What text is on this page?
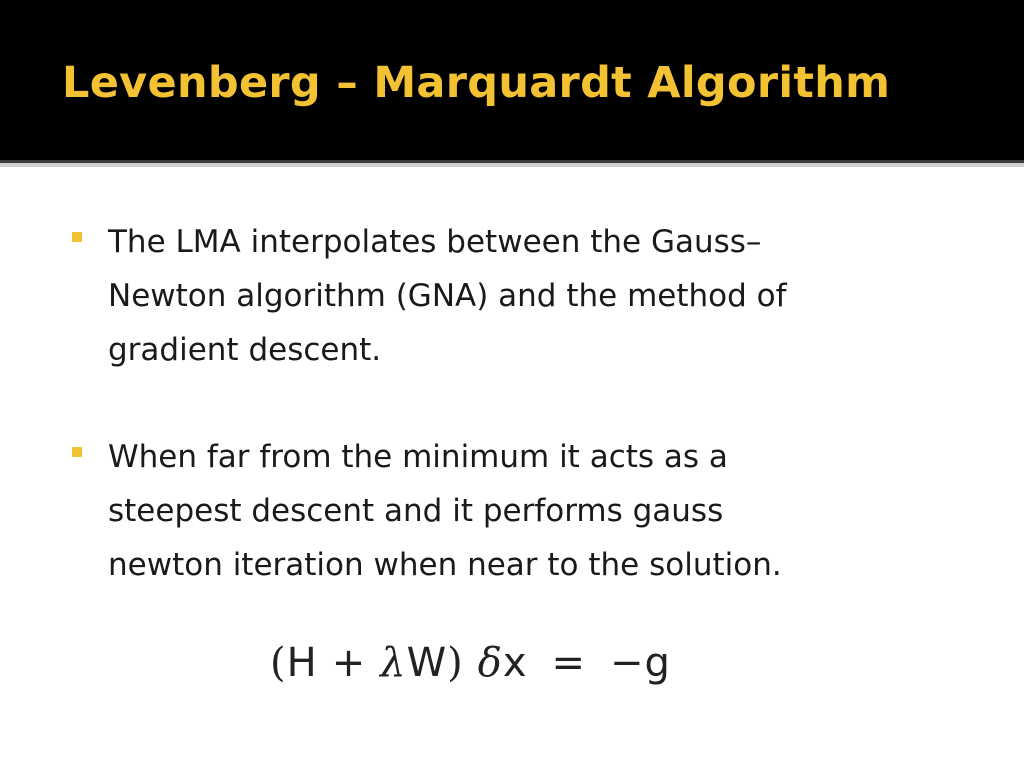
Levenberg – Marquardt Algorithm
The LMA interpolates between the Gauss–
Newton algorithm (GNA) and the method of
gradient descent.
When far from the minimum it acts as a
steepest descent and it performs gauss
newton iteration when near to the solution.
(H + λW) δx = −g
